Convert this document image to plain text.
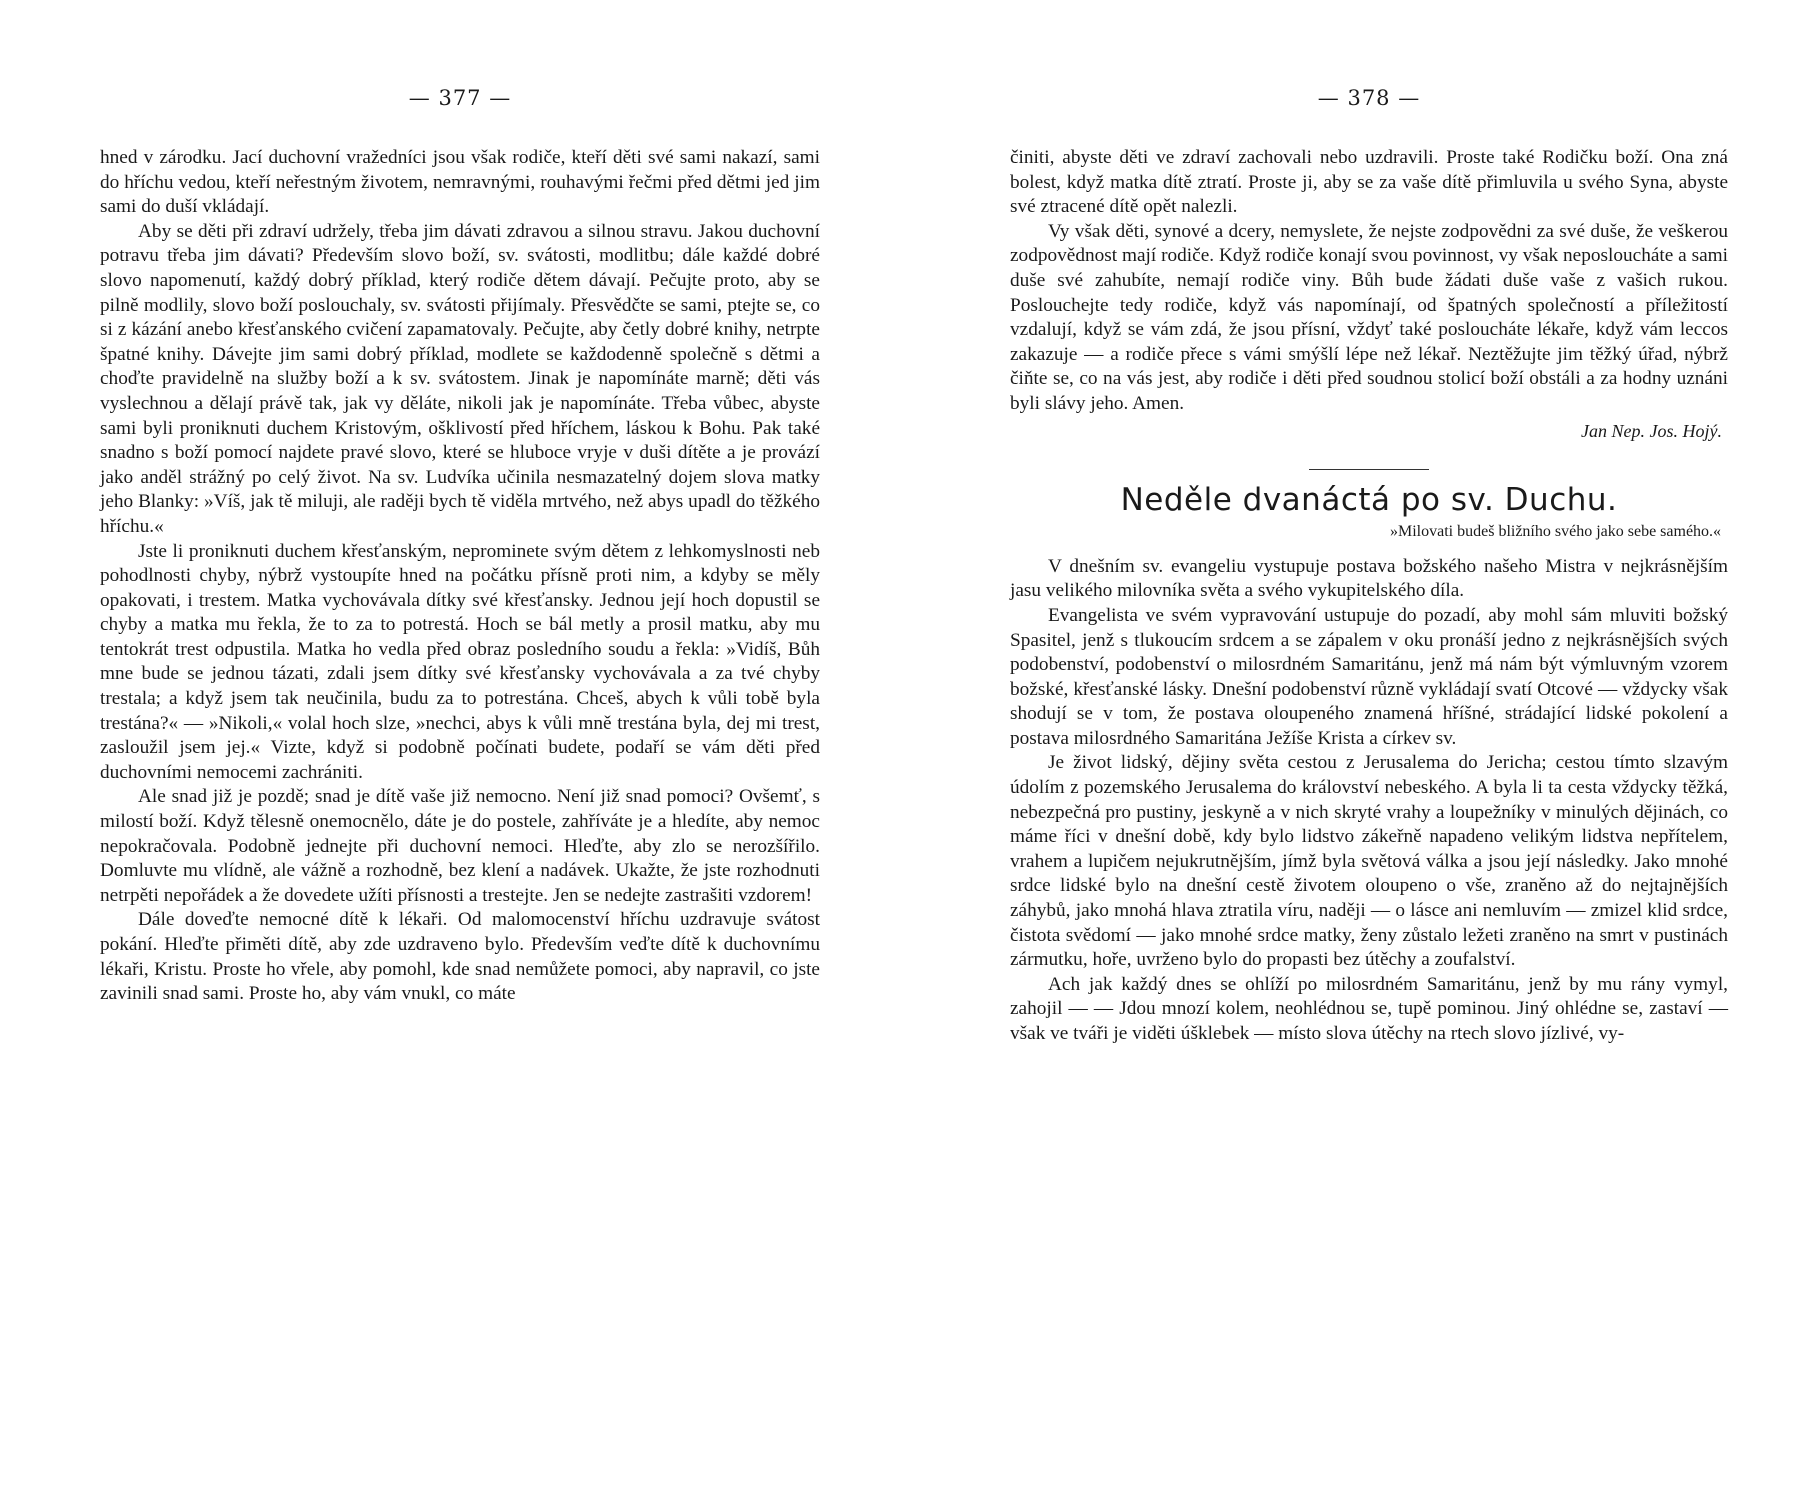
— 377 —

hned v zárodku. Jací duchovní vražedníci jsou však rodiče, kteří děti své sami nakazí, sami do hříchu vedou, kteří neřestným životem, nemravnými, rouhavými řečmi před dětmi jed jim sami do duší vkládají.

Aby se děti při zdraví udržely, třeba jim dávati zdravou a silnou stravu. Jakou duchovní potravu třeba jim dávati? Především slovo boží, sv. svátosti, modlitbu; dále každé dobré slovo napomenutí, každý dobrý příklad, který rodiče dětem dávají. Pečujte proto, aby se pilně modlily, slovo boží poslouchaly, sv. svátosti přijímaly. Přesvědčte se sami, ptejte se, co si z kázání anebo křesťanského cvičení zapamatovaly. Pečujte, aby četly dobré knihy, netrpte špatné knihy. Dávejte jim sami dobrý příklad, modlete se každodenně společně s dětmi a choďte pravidelně na služby boží a k sv. svátostem. Jinak je napomínáte marně; děti vás vyslechnou a dělají právě tak, jak vy děláte, nikoli jak je napomínáte. Třeba vůbec, abyste sami byli proniknuti duchem Kristovým, ošklivostí před hříchem, láskou k Bohu. Pak také snadno s boží pomocí najdete pravé slovo, které se hluboce vryje v duši dítěte a je provází jako anděl strážný po celý život. Na sv. Ludvíka učinila nesmazatelný dojem slova matky jeho Blanky: »Víš, jak tě miluji, ale raději bych tě viděla mrtvého, než abys upadl do těžkého hříchu.«

Jste li proniknuti duchem křesťanským, neprominete svým dětem z lehkomyslnosti neb pohodlnosti chyby, nýbrž vystoupíte hned na počátku přísně proti nim, a kdyby se měly opakovati, i trestem. Matka vychovávala dítky své křesťansky. Jednou její hoch dopustil se chyby a matka mu řekla, že to za to potrestá. Hoch se bál metly a prosil matku, aby mu tentokrát trest odpustila. Matka ho vedla před obraz posledního soudu a řekla: »Vidíš, Bůh mne bude se jednou tázati, zdali jsem dítky své křesťansky vychovávala a za tvé chyby trestala; a když jsem tak neučinila, budu za to potrestána. Chceš, abych k vůli tobě byla trestána?« — »Nikoli,« volal hoch slze, »nechci, abys k vůli mně trestána byla, dej mi trest, zasloužil jsem jej.« Vizte, když si podobně počínati budete, podaří se vám děti před duchovními nemocemi zachrániti.

Ale snad již je pozdě; snad je dítě vaše již nemocno. Není již snad pomoci? Ovšemť, s milostí boží. Když tělesně onemocnělo, dáte je do postele, zahříváte je a hledíte, aby nemoc nepokračovala. Podobně jednejte při duchovní nemoci. Hleďte, aby zlo se nerozšířilo. Domluvte mu vlídně, ale vážně a rozhodně, bez klení a nadávek. Ukažte, že jste rozhodnuti netrpěti nepořádek a že dovedete užíti přísnosti a trestejte. Jen se nedejte zastrašiti vzdorem!

Dále doveďte nemocné dítě k lékaři. Od malomocenství hříchu uzdravuje svátost pokání. Hleďte přiměti dítě, aby zde uzdraveno bylo. Především veďte dítě k duchovnímu lékaři, Kristu. Proste ho vřele, aby pomohl, kde snad nemůžete pomoci, aby napravil, co jste zavinili snad sami. Proste ho, aby vám vnukl, co máte

— 378 —

činiti, abyste děti ve zdraví zachovali nebo uzdravili. Proste také Rodičku boží. Ona zná bolest, když matka dítě ztratí. Proste ji, aby se za vaše dítě přimluvila u svého Syna, abyste své ztracené dítě opět nalezli.

Vy však děti, synové a dcery, nemyslete, že nejste zodpovědni za své duše, že veškerou zodpovědnost mají rodiče. Když rodiče konají svou povinnost, vy však neposloucháte a sami duše své zahubíte, nemají rodiče viny. Bůh bude žádati duše vaše z vašich rukou. Poslouchejte tedy rodiče, když vás napomínají, od špatných společností a příležitostí vzdalují, když se vám zdá, že jsou přísní, vždyť také posloucháte lékaře, když vám leccos zakazuje — a rodiče přece s vámi smýšlí lépe než lékař. Neztěžujte jim těžký úřad, nýbrž čiňte se, co na vás jest, aby rodiče i děti před soudnou stolicí boží obstáli a za hodny uznáni byli slávy jeho. Amen.

Jan Nep. Jos. Hojý.
Neděle dvanáctá po sv. Duchu.
»Milovati budeš bližního svého jako sebe samého.«

V dnešním sv. evangeliu vystupuje postava božského našeho Mistra v nejkrásnějším jasu velikého milovníka světa a svého vykupitelského díla.

Evangelista ve svém vypravování ustupuje do pozadí, aby mohl sám mluviti božský Spasitel, jenž s tlukoucím srdcem a se zápalem v oku pronáší jedno z nejkrásnějších svých podobenství, podobenství o milosrdném Samaritánu, jenž má nám být výmluvným vzorem božské, křesťanské lásky. Dnešní podobenství různě vykládají svatí Otcové — vždycky však shodují se v tom, že postava oloupeného znamená hříšné, strádající lidské pokolení a postava milosrdného Samaritána Ježíše Krista a církev sv.

Je život lidský, dějiny světa cestou z Jerusalema do Jericha; cestou tímto slzavým údolím z pozemského Jerusalema do království nebeského. A byla li ta cesta vždycky těžká, nebezpečná pro pustiny, jeskyně a v nich skryté vrahy a loupežníky v minulých dějinách, co máme říci v dnešní době, kdy bylo lidstvo zákeřně napadeno velikým lidstva nepřítelem, vrahem a lupičem nejukrutnějším, jímž byla světová válka a jsou její následky. Jako mnohé srdce lidské bylo na dnešní cestě životem oloupeno o vše, zraněno až do nejtajnějších záhybů, jako mnohá hlava ztratila víru, naději — o lásce ani nemluvím — zmizel klid srdce, čistota svědomí — jako mnohé srdce matky, ženy zůstalo ležeti zraněno na smrt v pustinách zármutku, hoře, uvrženo bylo do propasti bez útěchy a zoufalství.

Ach jak každý dnes se ohlíží po milosrdném Samaritánu, jenž by mu rány vymyl, zahojil — — Jdou mnozí kolem, neohlédnou se, tupě pominou. Jiný ohlédne se, zastaví — však ve tváři je viděti úšklebek — místo slova útěchy na rtech slovo jízlivé, vy-
